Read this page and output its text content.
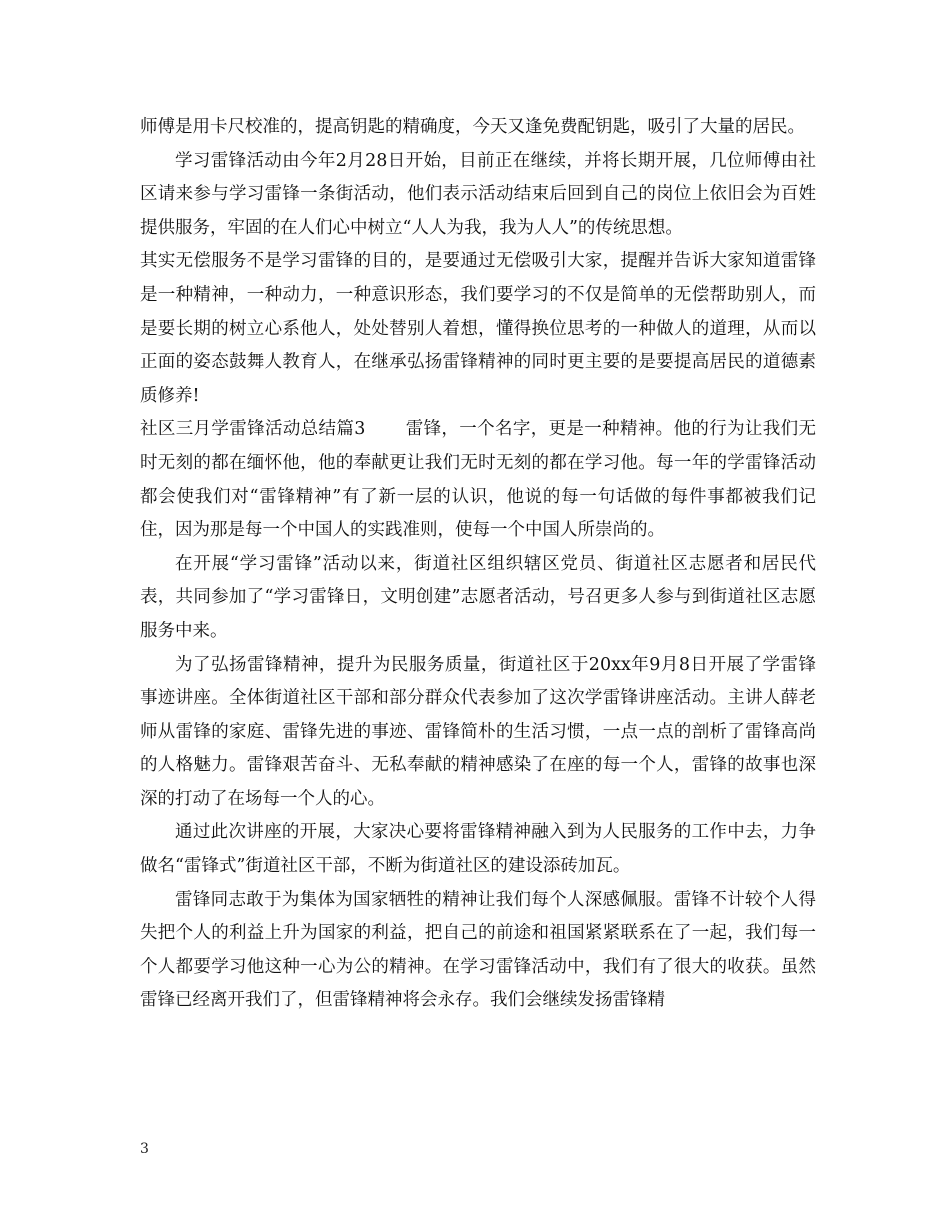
师傅是用卡尺校准的，提高钥匙的精确度，今天又逢免费配钥匙，吸引了大量的居民。

学习雷锋活动由今年2月28日开始，目前正在继续，并将长期开展，几位师傅由社区请来参与学习雷锋一条街活动，他们表示活动结束后回到自己的岗位上依旧会为百姓提供服务，牢固的在人们心中树立“人人为我，我为人人”的传统思想。

其实无偿服务不是学习雷锋的目的，是要通过无偿吸引大家，提醒并告诉大家知道雷锋是一种精神，一种动力，一种意识形态，我们要学习的不仅是简单的无偿帮助别人，而是要长期的树立心系他人，处处替别人着想，懂得换位思考的一种做人的道理，从而以正面的姿态鼓舞人教育人，在继承弘扬雷锋精神的同时更主要的是要提高居民的道德素质修养!

社区三月学雷锋活动总结篇3 雷锋，一个名字，更是一种精神。他的行为让我们无时无刻的都在缅怀他，他的奉献更让我们无时无刻的都在学习他。每一年的学雷锋活动都会使我们对“雷锋精神”有了新一层的认识，他说的每一句话做的每件事都被我们记住，因为那是每一个中国人的实践准则，使每一个中国人所崇尚的。

在开展“学习雷锋”活动以来，街道社区组织辖区党员、街道社区志愿者和居民代表，共同参加了“学习雷锋日，文明创建”志愿者活动，号召更多人参与到街道社区志愿服务中来。

为了弘扬雷锋精神，提升为民服务质量，街道社区于20xx年9月8日开展了学雷锋事迹讲座。全体街道社区干部和部分群众代表参加了这次学雷锋讲座活动。主讲人薛老师从雷锋的家庭、雷锋先进的事迹、雷锋简朴的生活习惯，一点一点的剖析了雷锋高尚的人格魅力。雷锋艰苦奋斗、无私奉献的精神感染了在座的每一个人，雷锋的故事也深深的打动了在场每一个人的心。

通过此次讲座的开展，大家决心要将雷锋精神融入到为人民服务的工作中去，力争做名“雷锋式”街道社区干部，不断为街道社区的建设添砖加瓦。

雷锋同志敢于为集体为国家牺牲的精神让我们每个人深感佩服。雷锋不计较个人得失把个人的利益上升为国家的利益，把自己的前途和祖国紧紧联系在了一起，我们每一个人都要学习他这种一心为公的精神。在学习雷锋活动中，我们有了很大的收获。虽然雷锋已经离开我们了，但雷锋精神将会永存。我们会继续发扬雷锋精

3
